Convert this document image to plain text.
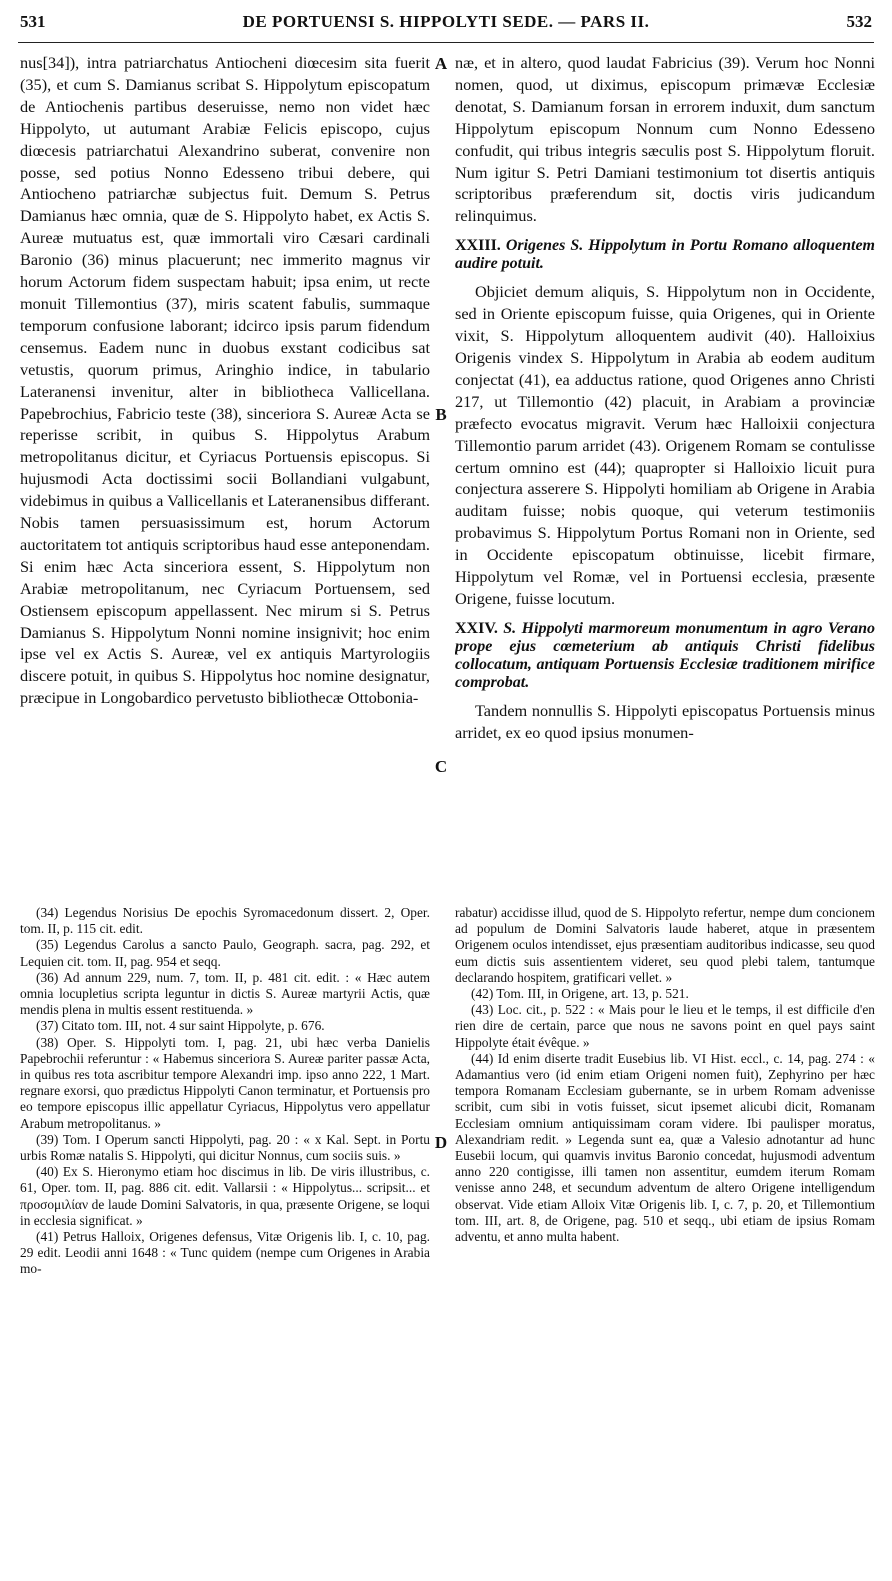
531	DE PORTUENSI S. HIPPOLYTI SEDE. — PARS II.	532

nus[34]), intra patriarchatus Antiocheni diœcesim sita fuerit (35), et cum S. Damianus scribat S. Hippolytum episcopatum de Antiochenis partibus deseruisse, nemo non videt hæc Hippolyto, ut autumant Arabiæ Felicis episcopo, cujus diœcesis patriarchatui Alexandrino suberat, convenire non posse, sed potius Nonno Edesseno tribui debere, qui Antiocheno patriarchæ subjectus fuit. Demum S. Petrus Damianus hæc omnia, quæ de S. Hippolyto habet, ex Actis S. Aureæ mutuatus est, quæ immortali viro Cæsari cardinali Baronio (36) minus placuerunt; nec immerito magnus vir horum Actorum fidem suspectam habuit; ipsa enim, ut recte monuit Tillemontius (37), miris scatent fabulis, summaque temporum confusione laborant; idcirco ipsis parum fidendum censemus. Eadem nunc in duobus exstant codicibus sat vetustis, quorum primus, Aringhio indice, in tabulario Lateranensi invenitur, alter in bibliotheca Vallicellana. Papebrochius, Fabricio teste (38), sinceriora S. Aureæ Acta se reperisse scribit, in quibus S. Hippolytus Arabum metropolitanus dicitur, et Cyriacus Portuensis episcopus. Si hujusmodi Acta doctissimi socii Bollandiani vulgabunt, videbimus in quibus a Vallicellanis et Lateranensibus differant. Nobis tamen persuasissimum est, horum Actorum auctoritatem tot antiquis scriptoribus haud esse anteponendam. Si enim hæc Acta sinceriora essent, S. Hippolytum non Arabiæ metropolitanum, nec Cyriacum Portuensem, sed Ostiensem episcopum appellassent. Nec mirum si S. Petrus Damianus S. Hippolytum Nonni nomine insignivit; hoc enim ipse vel ex Actis S. Aureæ, vel ex antiquis Martyrologiis discere potuit, in quibus S. Hippolytus hoc nomine designatur, præcipue in Longobardico pervetusto bibliothecæ Ottobonia-

A
B
C
D

næ, et in altero, quod laudat Fabricius (39). Verum hoc Nonni nomen, quod, ut diximus, episcopum primævæ Ecclesiæ denotat, S. Damianum forsan in errorem induxit, dum sanctum Hippolytum episcopum Nonnum cum Nonno Edesseno confudit, qui tribus integris sæculis post S. Hippolytum floruit. Num igitur S. Petri Damiani testimonium tot disertis antiquis scriptoribus præferendum sit, doctis viris judicandum relinquimus.

XXIII. Origenes S. Hippolytum in Portu Romano alloquentem audire potuit.

Objiciet demum aliquis, S. Hippolytum non in Occidente, sed in Oriente episcopum fuisse, quia Origenes, qui in Oriente vixit, S. Hippolytum alloquentem audivit (40). Halloixius Origenis vindex S. Hippolytum in Arabia ab eodem auditum conjectat (41), ea adductus ratione, quod Origenes anno Christi 217, ut Tillemontio (42) placuit, in Arabiam a provinciæ præfecto evocatus migravit. Verum hæc Halloixii conjectura Tillemontio parum arridet (43). Origenem Romam se contulisse certum omnino est (44); quapropter si Halloixio licuit pura conjectura asserere S. Hippolyti homiliam ab Origene in Arabia auditam fuisse; nobis quoque, qui veterum testimoniis probavimus S. Hippolytum Portus Romani non in Oriente, sed in Occidente episcopatum obtinuisse, licebit firmare, Hippolytum vel Romæ, vel in Portuensi ecclesia, præsente Origene, fuisse locutum.

XXIV. S. Hippolyti marmoreum monumentum in agro Verano prope ejus cœmeterium ab antiquis Christi fidelibus collocatum, antiquam Portuensis Ecclesiæ traditionem mirifice comprobat.

Tandem nonnullis S. Hippolyti episcopatus Portuensis minus arridet, ex eo quod ipsius monumen-

(34) Legendus Norisius De epochis Syromacedonum dissert. 2, Oper. tom. II, p. 115 cit. edit.

(35) Legendus Carolus a sancto Paulo, Geograph. sacra, pag. 292, et Lequien cit. tom. II, pag. 954 et seqq.

(36) Ad annum 229, num. 7, tom. II, p. 481 cit. edit. : « Hæc autem omnia locupletius scripta leguntur in dictis S. Aureæ martyrii Actis, quæ mendis plena in multis essent restituenda. »

(37) Citato tom. III, not. 4 sur saint Hippolyte, p. 676.

(38) Oper. S. Hippolyti tom. I, pag. 21, ubi hæc verba Danielis Papebrochii referuntur : « Habemus sinceriora S. Aureæ pariter passæ Acta, in quibus res tota ascribitur tempore Alexandri imp. ipso anno 222, 1 Mart. regnare exorsi, quo prædictus Hippolyti Canon terminatur, et Portuensis pro eo tempore episcopus illic appellatur Cyriacus, Hippolytus vero appellatur Arabum metropolitanus. »

(39) Tom. I Operum sancti Hippolyti, pag. 20 : « x Kal. Sept. in Portu urbis Romæ natalis S. Hippolyti, qui dicitur Nonnus, cum sociis suis. »

(40) Ex S. Hieronymo etiam hoc discimus in lib. De viris illustribus, c. 61, Oper. tom. II, pag. 886 cit. edit. Vallarsii : « Hippolytus... scripsit... et προσομιλίαν de laude Domini Salvatoris, in qua, præsente Origene, se loqui in ecclesia significat. »

(41) Petrus Halloix, Origenes defensus, Vitæ Origenis lib. I, c. 10, pag. 29 edit. Leodii anni 1648 : « Tunc quidem (nempe cum Origenes in Arabia mo-

rabatur) accidisse illud, quod de S. Hippolyto refertur, nempe dum concionem ad populum de Domini Salvatoris laude haberet, atque in præsentem Origenem oculos intendisset, ejus præsentiam auditoribus indicasse, seu quod eum dictis suis assentientem videret, seu quod plebi talem, tantumque declarando hospitem, gratificari vellet. »

(42) Tom. III, in Origene, art. 13, p. 521.

(43) Loc. cit., p. 522 : « Mais pour le lieu et le temps, il est difficile d'en rien dire de certain, parce que nous ne savons point en quel pays saint Hippolyte était évêque. »

(44) Id enim diserte tradit Eusebius lib. VI Hist. eccl., c. 14, pag. 274 : « Adamantius vero (id enim etiam Origeni nomen fuit), Zephyrino per hæc tempora Romanam Ecclesiam gubernante, se in urbem Romam advenisse scribit, cum sibi in votis fuisset, sicut ipsemet alicubi dicit, Romanam Ecclesiam omnium antiquissimam coram videre. Ibi paulisper moratus, Alexandriam redit. » Legenda sunt ea, quæ a Valesio adnotantur ad hunc Eusebii locum, qui quamvis invitus Baronio concedat, hujusmodi adventum anno 220 contigisse, illi tamen non assentitur, eumdem iterum Romam venisse anno 248, et secundum adventum de altero Origene intelligendum observat. Vide etiam Alloix Vitæ Origenis lib. I, c. 7, p. 20, et Tillemontium tom. III, art. 8, de Origene, pag. 510 et seqq., ubi etiam de ipsius Romam adventu, et anno multa habent.
